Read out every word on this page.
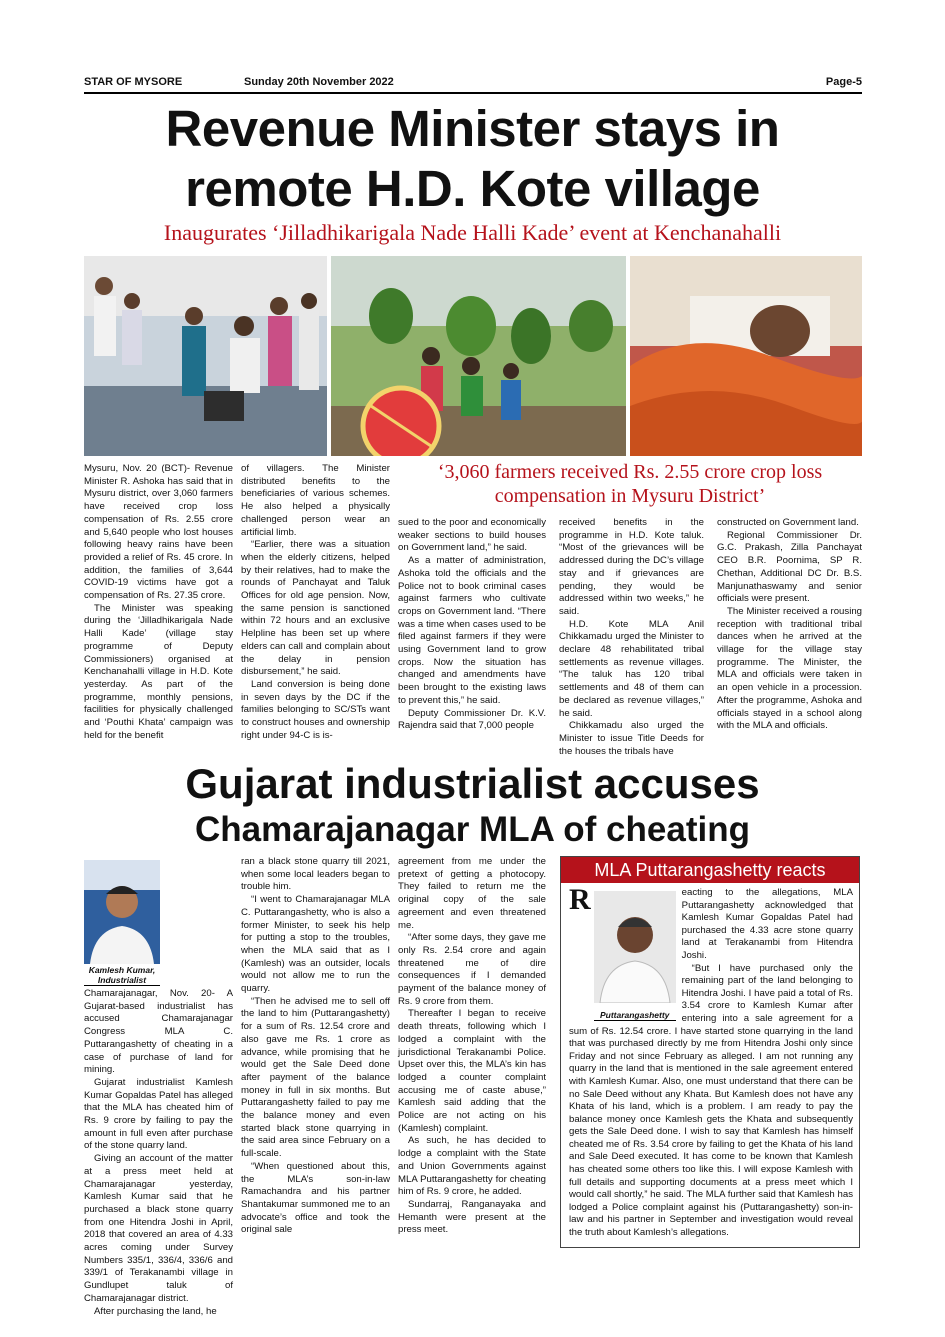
STAR OF MYSORE	Sunday 20th November 2022	Page-5
Revenue Minister stays in
remote H.D. Kote village
Inaugurates ‘Jilladhikarigala Nade Halli Kade’ event at Kenchanahalli
‘3,060 farmers received Rs. 2.55 crore crop loss
compensation in Mysuru District’

Mysuru, Nov. 20 (BCT)- Revenue Minister R. Ashoka has said that in Mysuru district, over 3,060 farmers have received crop loss compensation of Rs. 2.55 crore and 5,640 people who lost houses following heavy rains have been provided a relief of Rs. 45 crore. In addition, the families of 3,644 COVID-19 victims have got a compensation of Rs. 27.35 crore.

The Minister was speaking during the ‘Jilladhikarigala Nade Halli Kade’ (village stay programme of Deputy Commissioners) organised at Kenchanahalli village in H.D. Kote yesterday. As part of the programme, monthly pensions, facilities for physically challenged and ‘Pouthi Khata’ campaign was held for the benefit

of villagers. The Minister distributed benefits to the beneficiaries of various schemes. He also helped a physically challenged person wear an artificial limb.

“Earlier, there was a situation when the elderly citizens, helped by their relatives, had to make the rounds of Panchayat and Taluk Offices for old age pension. Now, the same pension is sanctioned within 72 hours and an exclusive Helpline has been set up where elders can call and complain about the delay in pension disbursement,” he said.

Land conversion is being done in seven days by the DC if the families belonging to SC/STs want to construct houses and ownership right under 94-C is is-

sued to the poor and economically weaker sections to build houses on Government land,” he said.

As a matter of administration, Ashoka told the officials and the Police not to book criminal cases against farmers who cultivate crops on Government land. “There was a time when cases used to be filed against farmers if they were using Government land to grow crops. Now the situation has changed and amendments have been brought to the existing laws to prevent this,” he said.

Deputy Commissioner Dr. K.V. Rajendra said that 7,000 people

received benefits in the programme in H.D. Kote taluk. “Most of the grievances will be addressed during the DC’s village stay and if grievances are pending, they would be addressed within two weeks,” he said.

H.D. Kote MLA Anil Chikkamadu urged the Minister to declare 48 rehabilitated tribal settlements as revenue villages. “The taluk has 120 tribal settlements and 48 of them can be declared as revenue villages,” he said.

Chikkamadu also urged the Minister to issue Title Deeds for the houses the tribals have

constructed on Government land.

Regional Commissioner Dr. G.C. Prakash, Zilla Panchayat CEO B.R. Poornima, SP R. Chethan, Additional DC Dr. B.S. Manjunathaswamy and senior officials were present.

The Minister received a rousing reception with traditional tribal dances when he arrived at the village for the village stay programme. The Minister, the MLA and officials were taken in an open vehicle in a procession. After the programme, Ashoka and officials stayed in a school along with the MLA and officials.

Gujarat industrialist accuses
Chamarajanagar MLA of cheating
Kamlesh Kumar,
Industrialist

Chamarajanagar, Nov. 20- A Gujarat-based industrialist has accused Chamarajanagar Congress MLA C. Puttarangashetty of cheating in a case of purchase of land for mining.

Gujarat industrialist Kamlesh Kumar Gopaldas Patel has alleged that the MLA has cheated him of Rs. 9 crore by failing to pay the amount in full even after purchase of the stone quarry land.

Giving an account of the matter at a press meet held at Chamarajanagar yesterday, Kamlesh Kumar said that he purchased a black stone quarry from one Hitendra Joshi in April, 2018 that covered an area of 4.33 acres coming under Survey Numbers 335/1, 336/4, 336/6 and 339/1 of Terakanambi village in Gundlupet taluk of Chamarajanagar district.

After purchasing the land, he

ran a black stone quarry till 2021, when some local leaders began to trouble him.

“I went to Chamarajanagar MLA C. Puttarangashetty, who is also a former Minister, to seek his help for putting a stop to the troubles, when the MLA said that as I (Kamlesh) was an outsider, locals would not allow me to run the quarry.

“Then he advised me to sell off the land to him (Puttarangashetty) for a sum of Rs. 12.54 crore and also gave me Rs. 1 crore as advance, while promising that he would get the Sale Deed done after payment of the balance money in full in six months. But Puttarangashetty failed to pay me the balance money and even started black stone quarrying in the said area since February on a full-scale.

“When questioned about this, the MLA’s son-in-law Ramachandra and his partner Shantakumar summoned me to an advocate’s office and took the original sale

agreement from me under the pretext of getting a photocopy. They failed to return me the original copy of the sale agreement and even threatened me.

“After some days, they gave me only Rs. 2.54 crore and again threatened me of dire consequences if I demanded payment of the balance money of Rs. 9 crore from them.

Thereafter I began to receive death threats, following which I lodged a complaint with the jurisdictional Terakanambi Police. Upset over this, the MLA’s kin has lodged a counter complaint accusing me of caste abuse,” Kamlesh said adding that the Police are not acting on his (Kamlesh) complaint.

As such, he has decided to lodge a complaint with the State and Union Governments against MLA Puttarangashetty for cheating him of Rs. 9 crore, he added.

Sundarraj, Ranganayaka and Hemanth were present at the press meet.

MLA Puttarangashetty reacts
R
Puttarangashetty

eacting to the allegations, MLA Puttarangashetty acknowledged that Kamlesh Kumar Gopaldas Patel had purchased the 4.33 acre stone quarry land at Terakanambi from Hitendra Joshi.

“But I have purchased only the remaining part of the land belonging to Hitendra Joshi. I have paid a total of Rs. 3.54 crore to Kamlesh Kumar after entering into a sale agreement for a sum of Rs. 12.54 crore. I have started stone quarrying in the land that was purchased directly by me from Hitendra Joshi only since Friday and not since February as alleged. I am not running any quarry in the land that is mentioned in the sale agreement entered with Kamlesh Kumar. Also, one must understand that there can be no Sale Deed without any Khata. But Kamlesh does not have any Khata of his land, which is a problem. I am ready to pay the balance money once Kamlesh gets the Khata and subsequently gets the Sale Deed done. I wish to say that Kamlesh has himself cheated me of Rs. 3.54 crore by failing to get the Khata of his land and Sale Deed executed. It has come to be known that Kamlesh has cheated some others too like this. I will expose Kamlesh with full details and supporting documents at a press meet which I would call shortly,” he said. The MLA further said that Kamlesh has lodged a Police complaint against his (Puttarangashetty) son-in-law and his partner in September and investigation would reveal the truth about Kamlesh’s allegations.
